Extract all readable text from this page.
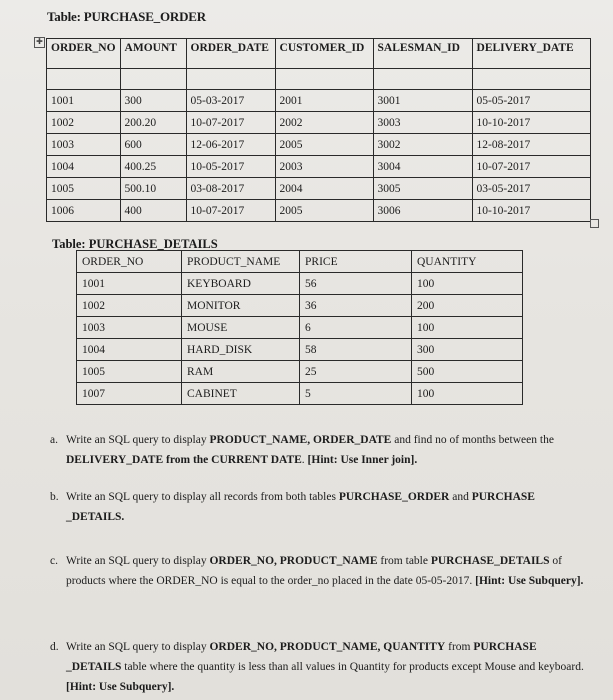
Table: PURCHASE_ORDER
✚
ORDER_NO	AMOUNT	ORDER_DATE	CUSTOMER_ID	SALESMAN_ID	DELIVERY_DATE

1001	300	05-03-2017	2001	3001	05-05-2017
1002	200.20	10-07-2017	2002	3003	10-10-2017
1003	600	12-06-2017	2005	3002	12-08-2017
1004	400.25	10-05-2017	2003	3004	10-07-2017
1005	500.10	03-08-2017	2004	3005	03-05-2017
1006	400	10-07-2017	2005	3006	10-10-2017
Table: PURCHASE_DETAILS
ORDER_NO	PRODUCT_NAME	PRICE	QUANTITY
1001	KEYBOARD	56	100
1002	MONITOR	36	200
1003	MOUSE	6	100
1004	HARD_DISK	58	300
1005	RAM	25	500
1007	CABINET	5	100
a. Write an SQL query to display PRODUCT_NAME, ORDER_DATE and find no of months between the DELIVERY_DATE from the CURRENT DATE. [Hint: Use Inner join].
b. Write an SQL query to display all records from both tables PURCHASE_ORDER and PURCHASE _DETAILS.
c. Write an SQL query to display ORDER_NO, PRODUCT_NAME from table PURCHASE_DETAILS of products where the ORDER_NO is equal to the order_no placed in the date 05-05-2017. [Hint: Use Subquery].
d. Write an SQL query to display ORDER_NO, PRODUCT_NAME, QUANTITY from PURCHASE _DETAILS table where the quantity is less than all values in Quantity for products except Mouse and keyboard. [Hint: Use Subquery].
